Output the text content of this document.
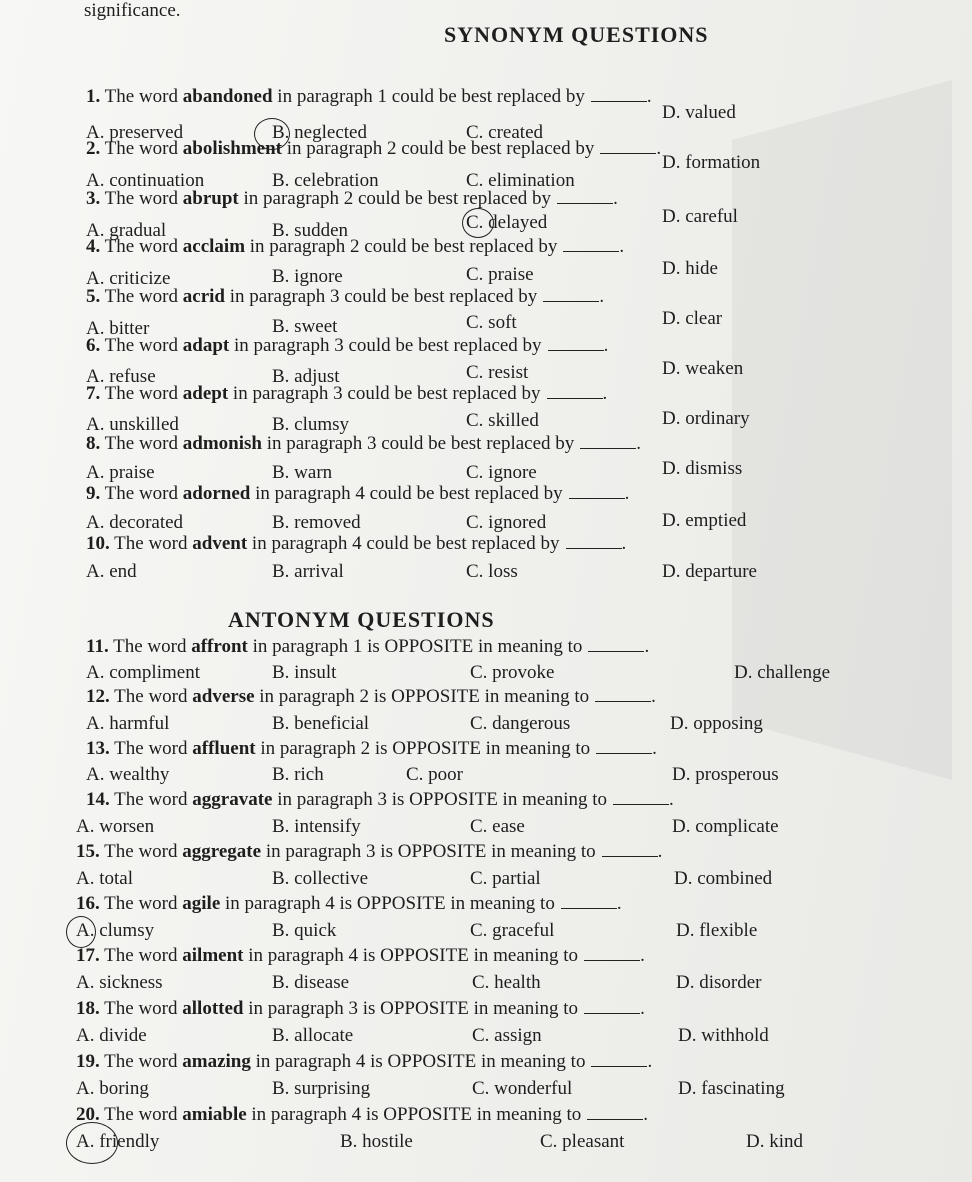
significance.
SYNONYM QUESTIONS
1. The word abandoned in paragraph 1 could be best replaced by	.
A. preserved	B. neglected	C. created
D. valued
2. The word abolishment in paragraph 2 could be best replaced by	.
A. continuation	B. celebration	C. elimination
D. formation
3. The word abrupt in paragraph 2 could be best replaced by	.
A. gradual	B. sudden	C. delayed	D. careful
4. The word acclaim in paragraph 2 could be best replaced by	.
A. criticize	B. ignore	C. praise	D. hide
5. The word acrid in paragraph 3 could be best replaced by	.
A. bitter	B. sweet	C. soft	D. clear
6. The word adapt in paragraph 3 could be best replaced by	.
A. refuse	B. adjust	C. resist	D. weaken
7. The word adept in paragraph 3 could be best replaced by	.
A. unskilled	B. clumsy	C. skilled	D. ordinary
8. The word admonish in paragraph 3 could be best replaced by	.
A. praise	B. warn	C. ignore	D. dismiss
9. The word adorned in paragraph 4 could be best replaced by	.
A. decorated	B. removed	C. ignored	D. emptied
10. The word advent in paragraph 4 could be best replaced by	.
A. end	B. arrival	C. loss	D. departure
ANTONYM QUESTIONS
11. The word affront in paragraph 1 is OPPOSITE in meaning to	.
A. compliment	B. insult	C. provoke	D. challenge
12. The word adverse in paragraph 2 is OPPOSITE in meaning to	.
A. harmful	B. beneficial	C. dangerous	D. opposing
13. The word affluent in paragraph 2 is OPPOSITE in meaning to	.
A. wealthy	B. rich	C. poor	D. prosperous
14. The word aggravate in paragraph 3 is OPPOSITE in meaning to	.
A. worsen	B. intensify	C. ease	D. complicate
15. The word aggregate in paragraph 3 is OPPOSITE in meaning to	.
A. total	B. collective	C. partial	D. combined
16. The word agile in paragraph 4 is OPPOSITE in meaning to	.
A. clumsy	B. quick	C. graceful	D. flexible
17. The word ailment in paragraph 4 is OPPOSITE in meaning to	.
A. sickness	B. disease	C. health	D. disorder
18. The word allotted in paragraph 3 is OPPOSITE in meaning to	.
A. divide	B. allocate	C. assign	D. withhold
19. The word amazing in paragraph 4 is OPPOSITE in meaning to	.
A. boring	B. surprising	C. wonderful	D. fascinating
20. The word amiable in paragraph 4 is OPPOSITE in meaning to	.
A. friendly	B. hostile	C. pleasant	D. kind
